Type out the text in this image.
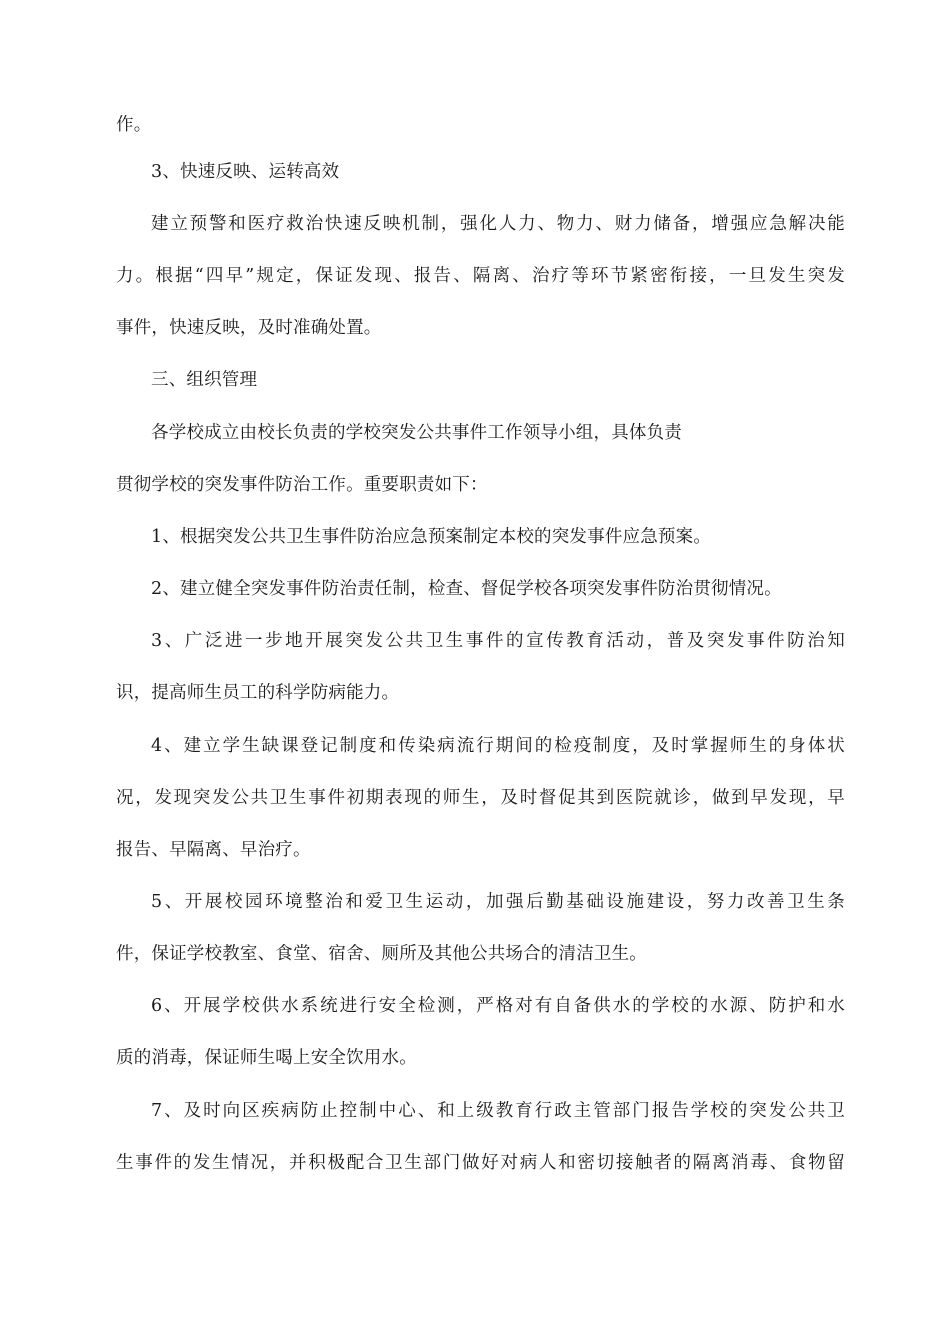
作。
3、快速反映、运转高效
建立预警和医疗救治快速反映机制，强化人力、物力、财力储备，增强应急解决能
力。根据“四早”规定，保证发现、报告、隔离、治疗等环节紧密衔接，一旦发生突发
事件，快速反映，及时准确处置。
三、组织管理
各学校成立由校长负责的学校突发公共事件工作领导小组，具体负责
贯彻学校的突发事件防治工作。重要职责如下：
1、根据突发公共卫生事件防治应急预案制定本校的突发事件应急预案。
2、建立健全突发事件防治责任制，检查、督促学校各项突发事件防治贯彻情况。
3、广泛进一步地开展突发公共卫生事件的宣传教育活动，普及突发事件防治知
识，提高师生员工的科学防病能力。
4、建立学生缺课登记制度和传染病流行期间的检疫制度，及时掌握师生的身体状
况，发现突发公共卫生事件初期表现的师生，及时督促其到医院就诊，做到早发现，早
报告、早隔离、早治疗。
5、开展校园环境整治和爱卫生运动，加强后勤基础设施建设，努力改善卫生条
件，保证学校教室、食堂、宿舍、厕所及其他公共场合的清洁卫生。
6、开展学校供水系统进行安全检测，严格对有自备供水的学校的水源、防护和水
质的消毒，保证师生喝上安全饮用水。
7、及时向区疾病防止控制中心、和上级教育行政主管部门报告学校的突发公共卫
生事件的发生情况，并积极配合卫生部门做好对病人和密切接触者的隔离消毒、食物留
